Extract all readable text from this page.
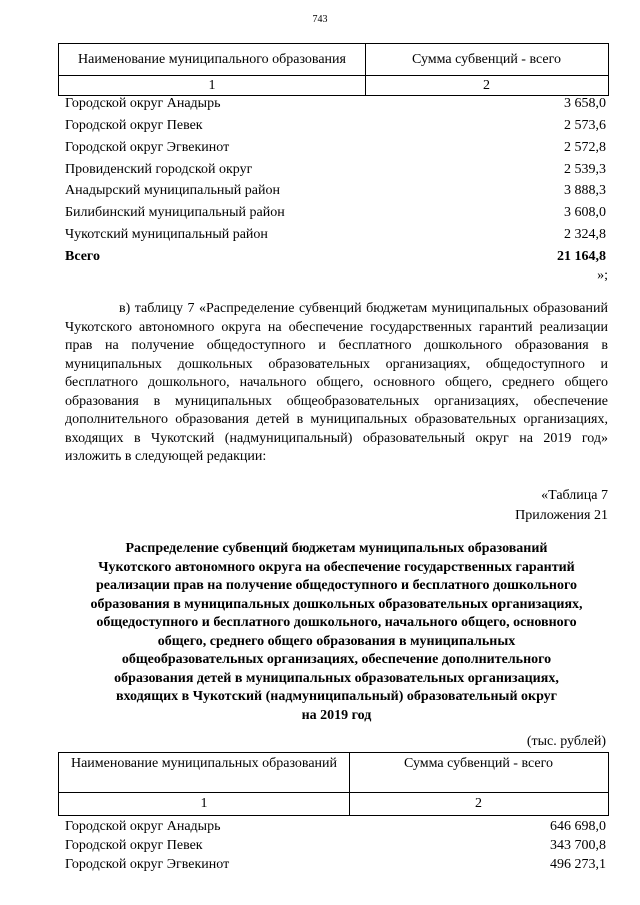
743
Наименование муниципального образования	Сумма субвенций - всего
1	2
Городской округ Анадырь	3 658,0
Городской округ Певек	2 573,6
Городской округ Эгвекинот	2 572,8
Провиденский городской округ	2 539,3
Анадырский муниципальный район	3 888,3
Билибинский муниципальный район	3 608,0
Чукотский муниципальный район	2 324,8
Всего	21 164,8
»;
в) таблицу 7 «Распределение субвенций бюджетам муниципальных образований Чукотского автономного округа на обеспечение государственных гарантий реализации прав на получение общедоступного и бесплатного дошкольного образования в муниципальных дошкольных образовательных организациях, общедоступного и бесплатного дошкольного, начального общего, основного общего, среднего общего образования в муниципальных общеобразовательных организациях, обеспечение дополнительного образования детей в муниципальных образовательных организациях, входящих в Чукотский (надмуниципальный) образовательный округ на 2019 год» изложить в следующей редакции:
«Таблица 7
Приложения 21
Распределение субвенций бюджетам муниципальных образований
Чукотского автономного округа на обеспечение государственных гарантий
реализации прав на получение общедоступного и бесплатного дошкольного
образования в муниципальных дошкольных образовательных организациях,
общедоступного и бесплатного дошкольного, начального общего, основного
общего, среднего общего образования в муниципальных
общеобразовательных организациях, обеспечение дополнительного
образования детей в муниципальных образовательных организациях,
входящих в Чукотский (надмуниципальный) образовательный округ
на 2019 год
(тыс. рублей)
Наименование муниципальных образований	Сумма субвенций - всего
1	2
Городской округ Анадырь	646 698,0
Городской округ Певек	343 700,8
Городской округ Эгвекинот	496 273,1
